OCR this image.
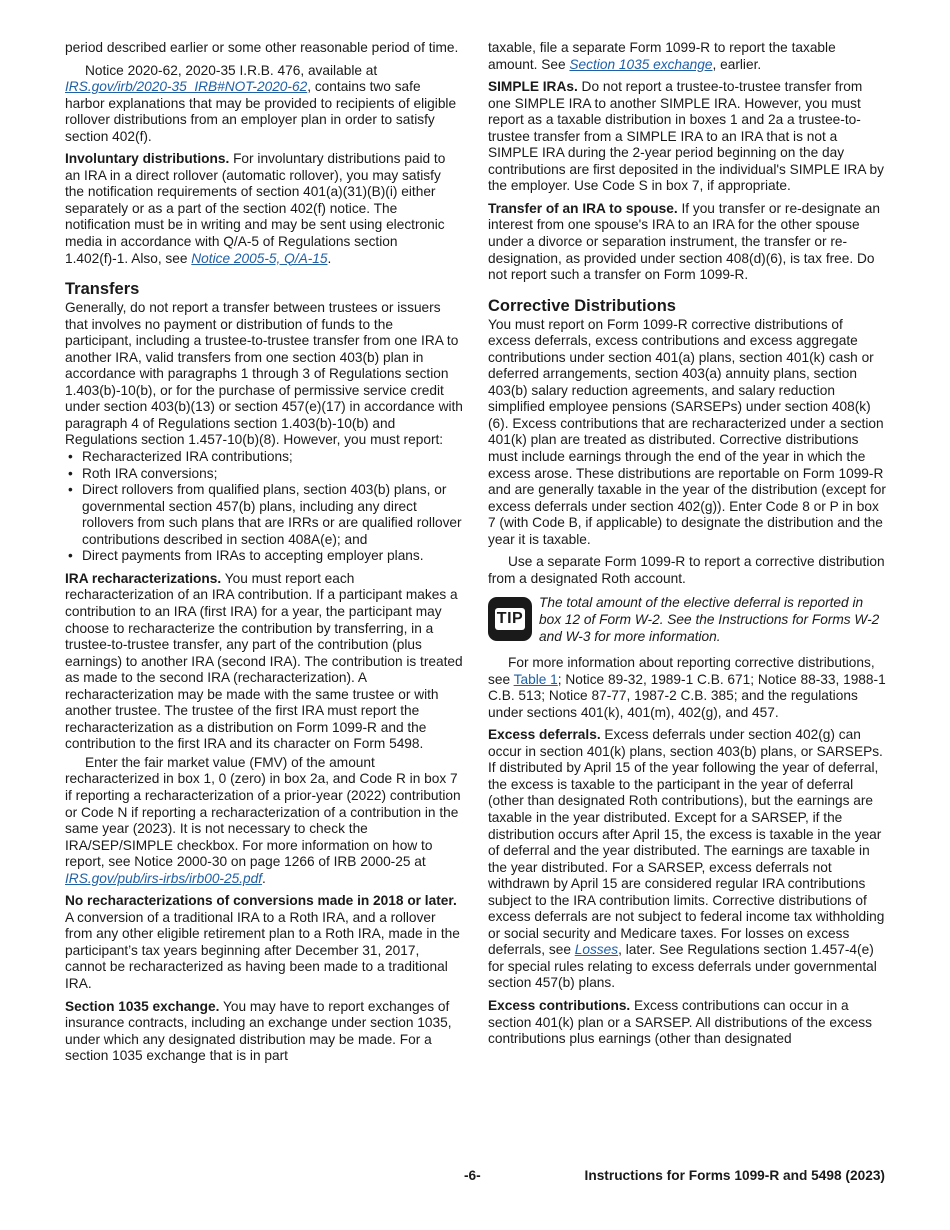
period described earlier or some other reasonable period of time.

Notice 2020-62, 2020-35 I.R.B. 476, available at IRS.gov/irb/2020-35_IRB#NOT-2020-62, contains two safe harbor explanations that may be provided to recipients of eligible rollover distributions from an employer plan in order to satisfy section 402(f).

Involuntary distributions. For involuntary distributions paid to an IRA in a direct rollover (automatic rollover), you may satisfy the notification requirements of section 401(a)(31)(B)(i) either separately or as a part of the section 402(f) notice. The notification must be in writing and may be sent using electronic media in accordance with Q/A-5 of Regulations section 1.402(f)-1. Also, see Notice 2005-5, Q/A-15.

Transfers

Generally, do not report a transfer between trustees or issuers that involves no payment or distribution of funds to the participant, including a trustee-to-trustee transfer from one IRA to another IRA, valid transfers from one section 403(b) plan in accordance with paragraphs 1 through 3 of Regulations section 1.403(b)-10(b), or for the purchase of permissive service credit under section 403(b)(13) or section 457(e)(17) in accordance with paragraph 4 of Regulations section 1.403(b)-10(b) and Regulations section 1.457-10(b)(8). However, you must report:

• Recharacterized IRA contributions;
• Roth IRA conversions;
• Direct rollovers from qualified plans, section 403(b) plans, or governmental section 457(b) plans, including any direct rollovers from such plans that are IRRs or are qualified rollover contributions described in section 408A(e); and
• Direct payments from IRAs to accepting employer plans.

IRA recharacterizations. You must report each recharacterization of an IRA contribution. If a participant makes a contribution to an IRA (first IRA) for a year, the participant may choose to recharacterize the contribution by transferring, in a trustee-to-trustee transfer, any part of the contribution (plus earnings) to another IRA (second IRA). The contribution is treated as made to the second IRA (recharacterization). A recharacterization may be made with the same trustee or with another trustee. The trustee of the first IRA must report the recharacterization as a distribution on Form 1099-R and the contribution to the first IRA and its character on Form 5498.

Enter the fair market value (FMV) of the amount recharacterized in box 1, 0 (zero) in box 2a, and Code R in box 7 if reporting a recharacterization of a prior-year (2022) contribution or Code N if reporting a recharacterization of a contribution in the same year (2023). It is not necessary to check the IRA/SEP/SIMPLE checkbox. For more information on how to report, see Notice 2000-30 on page 1266 of IRB 2000-25 at IRS.gov/pub/irs-irbs/irb00-25.pdf.

No recharacterizations of conversions made in 2018 or later. A conversion of a traditional IRA to a Roth IRA, and a rollover from any other eligible retirement plan to a Roth IRA, made in the participant’s tax years beginning after December 31, 2017, cannot be recharacterized as having been made to a traditional IRA.

Section 1035 exchange. You may have to report exchanges of insurance contracts, including an exchange under section 1035, under which any designated distribution may be made. For a section 1035 exchange that is in part

taxable, file a separate Form 1099-R to report the taxable amount. See Section 1035 exchange, earlier.

SIMPLE IRAs. Do not report a trustee-to-trustee transfer from one SIMPLE IRA to another SIMPLE IRA. However, you must report as a taxable distribution in boxes 1 and 2a a trustee-to-trustee transfer from a SIMPLE IRA to an IRA that is not a SIMPLE IRA during the 2-year period beginning on the day contributions are first deposited in the individual's SIMPLE IRA by the employer. Use Code S in box 7, if appropriate.

Transfer of an IRA to spouse. If you transfer or re-designate an interest from one spouse's IRA to an IRA for the other spouse under a divorce or separation instrument, the transfer or re-designation, as provided under section 408(d)(6), is tax free. Do not report such a transfer on Form 1099-R.

Corrective Distributions

You must report on Form 1099-R corrective distributions of excess deferrals, excess contributions and excess aggregate contributions under section 401(a) plans, section 401(k) cash or deferred arrangements, section 403(a) annuity plans, section 403(b) salary reduction agreements, and salary reduction simplified employee pensions (SARSEPs) under section 408(k)(6). Excess contributions that are recharacterized under a section 401(k) plan are treated as distributed. Corrective distributions must include earnings through the end of the year in which the excess arose. These distributions are reportable on Form 1099-R and are generally taxable in the year of the distribution (except for excess deferrals under section 402(g)). Enter Code 8 or P in box 7 (with Code B, if applicable) to designate the distribution and the year it is taxable.

Use a separate Form 1099-R to report a corrective distribution from a designated Roth account.

TIP
The total amount of the elective deferral is reported in box 12 of Form W-2. See the Instructions for Forms W-2 and W-3 for more information.

For more information about reporting corrective distributions, see Table 1; Notice 89-32, 1989-1 C.B. 671; Notice 88-33, 1988-1 C.B. 513; Notice 87-77, 1987-2 C.B. 385; and the regulations under sections 401(k), 401(m), 402(g), and 457.

Excess deferrals. Excess deferrals under section 402(g) can occur in section 401(k) plans, section 403(b) plans, or SARSEPs. If distributed by April 15 of the year following the year of deferral, the excess is taxable to the participant in the year of deferral (other than designated Roth contributions), but the earnings are taxable in the year distributed. Except for a SARSEP, if the distribution occurs after April 15, the excess is taxable in the year of deferral and the year distributed. The earnings are taxable in the year distributed. For a SARSEP, excess deferrals not withdrawn by April 15 are considered regular IRA contributions subject to the IRA contribution limits. Corrective distributions of excess deferrals are not subject to federal income tax withholding or social security and Medicare taxes. For losses on excess deferrals, see Losses, later. See Regulations section 1.457-4(e) for special rules relating to excess deferrals under governmental section 457(b) plans.

Excess contributions. Excess contributions can occur in a section 401(k) plan or a SARSEP. All distributions of the excess contributions plus earnings (other than designated

-6-	Instructions for Forms 1099-R and 5498 (2023)
